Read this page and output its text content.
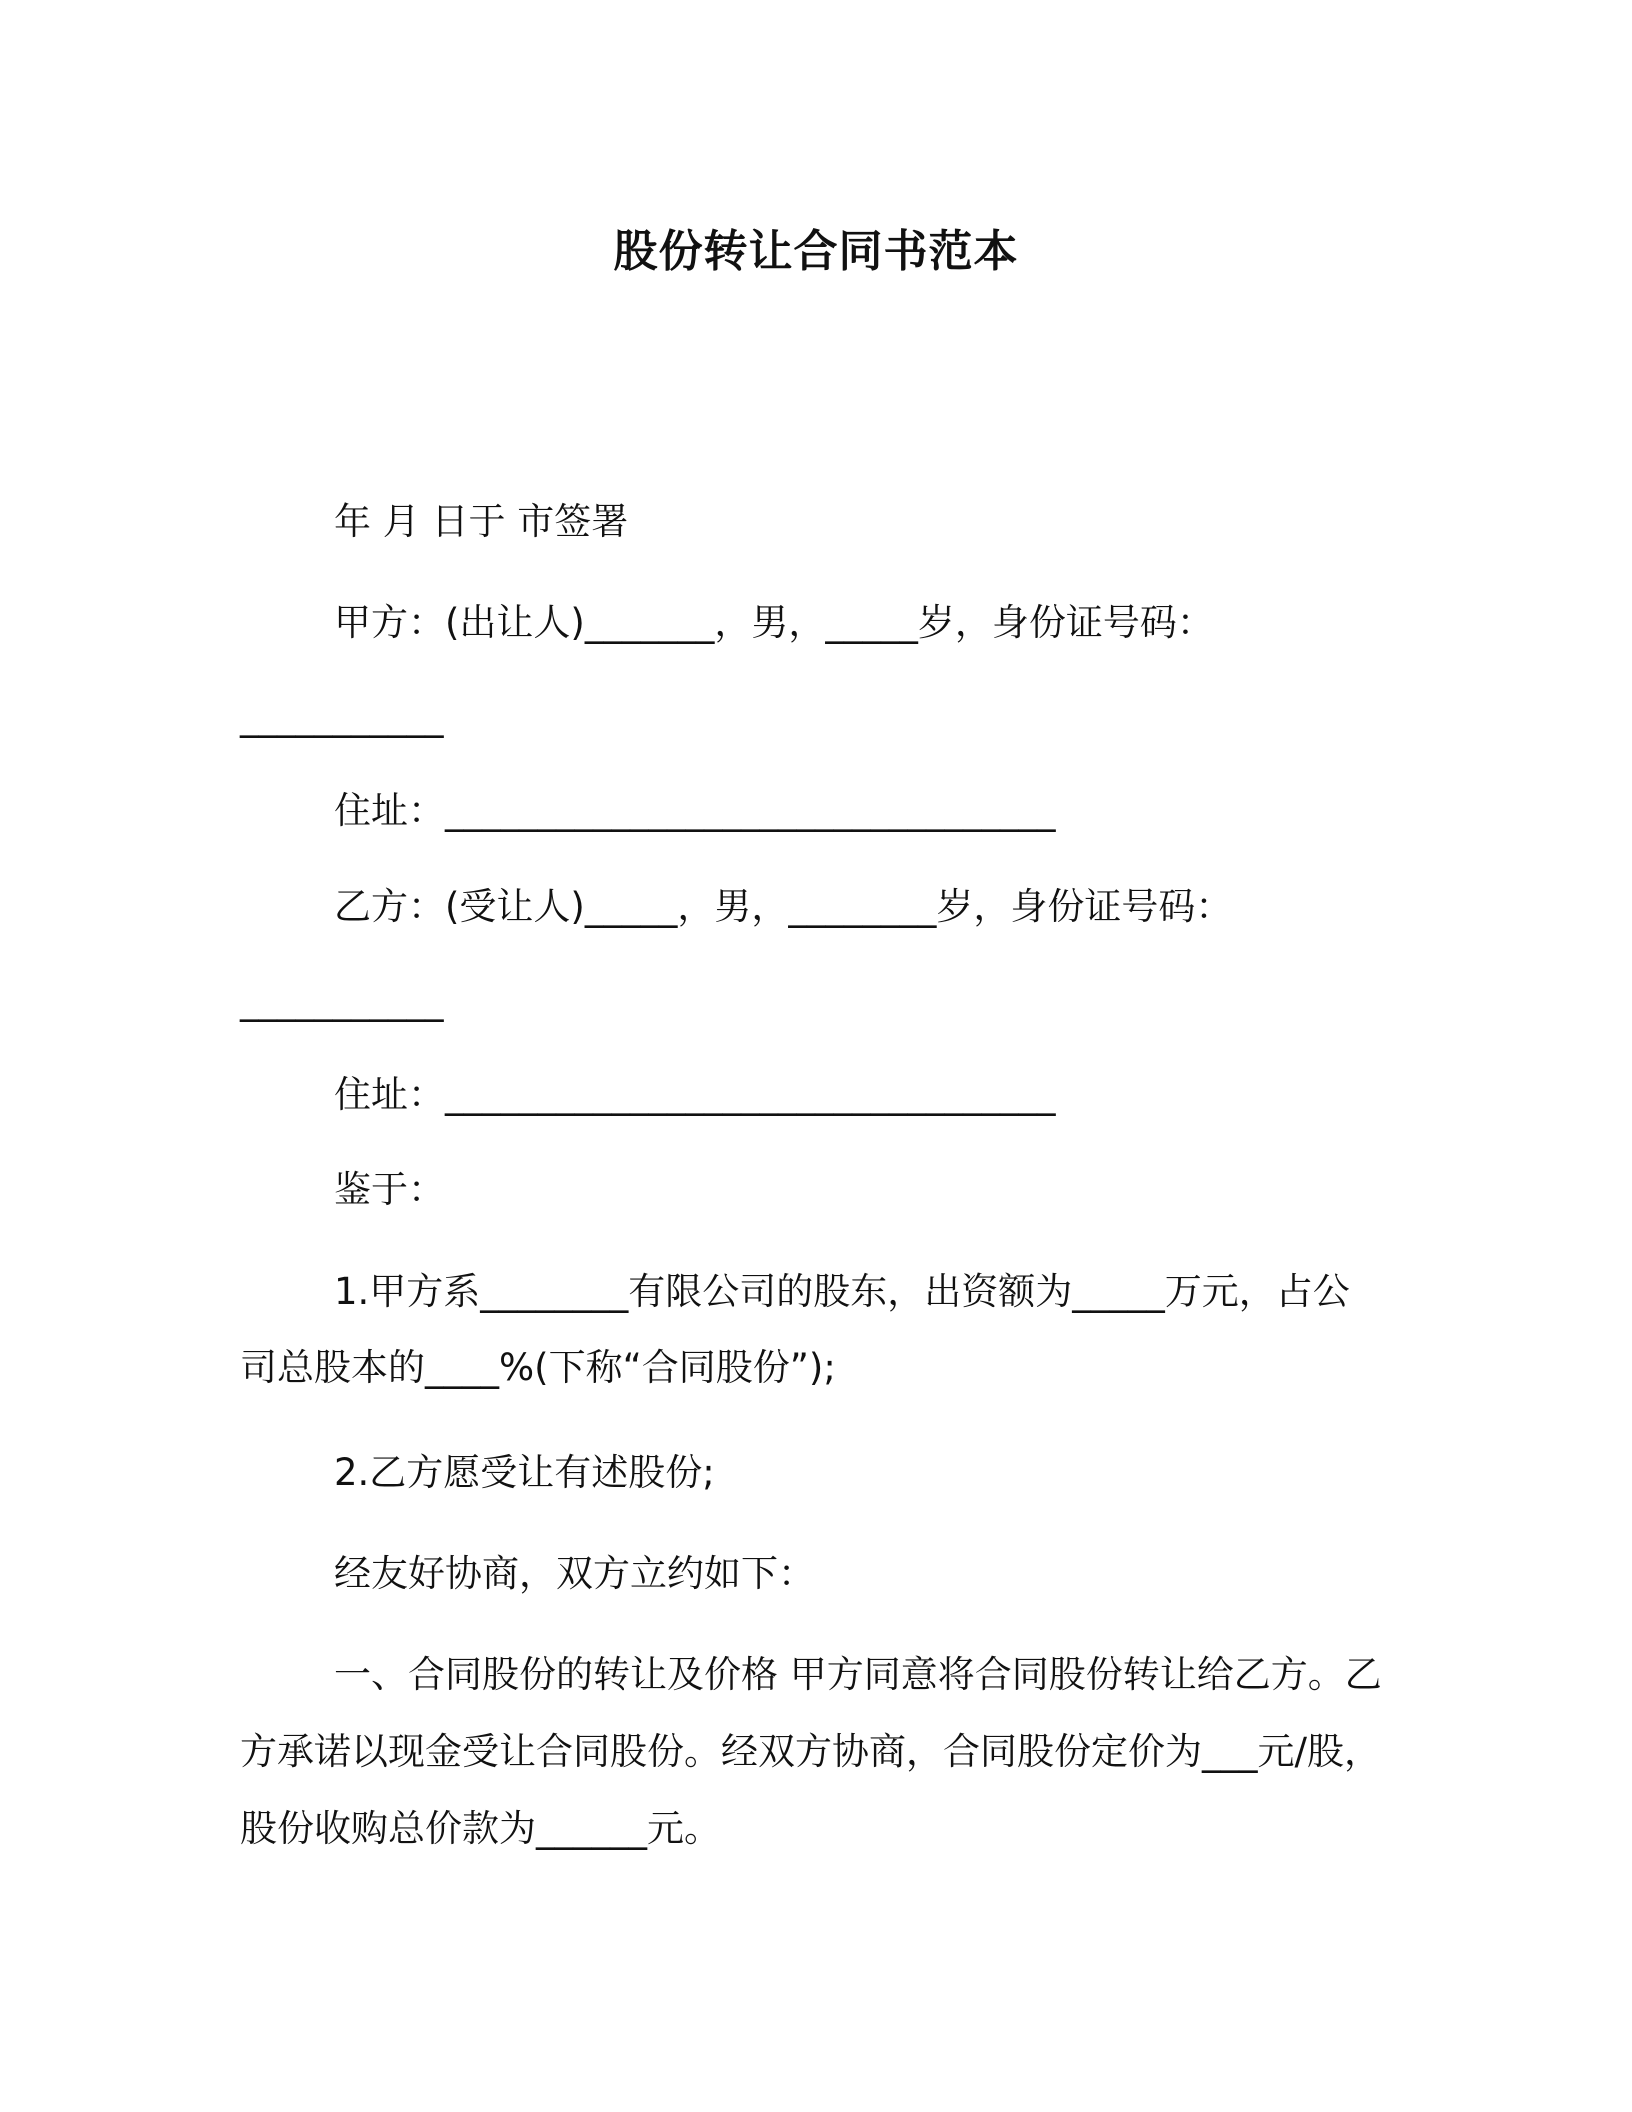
股份转让合同书范本
年 月 日于 市签署
甲方：(出让人)_______，男，_____岁，身份证号码：
___________
住址：_________________________________
乙方：(受让人)_____，男，________岁，身份证号码：
___________
住址：_________________________________
鉴于：
1.甲方系________有限公司的股东，出资额为_____万元，占公
司总股本的____%(下称“合同股份”);
2.乙方愿受让有述股份;
经友好协商，双方立约如下：
一、合同股份的转让及价格 甲方同意将合同股份转让给乙方。乙
方承诺以现金受让合同股份。经双方协商，合同股份定价为___元/股，
股份收购总价款为______元。
